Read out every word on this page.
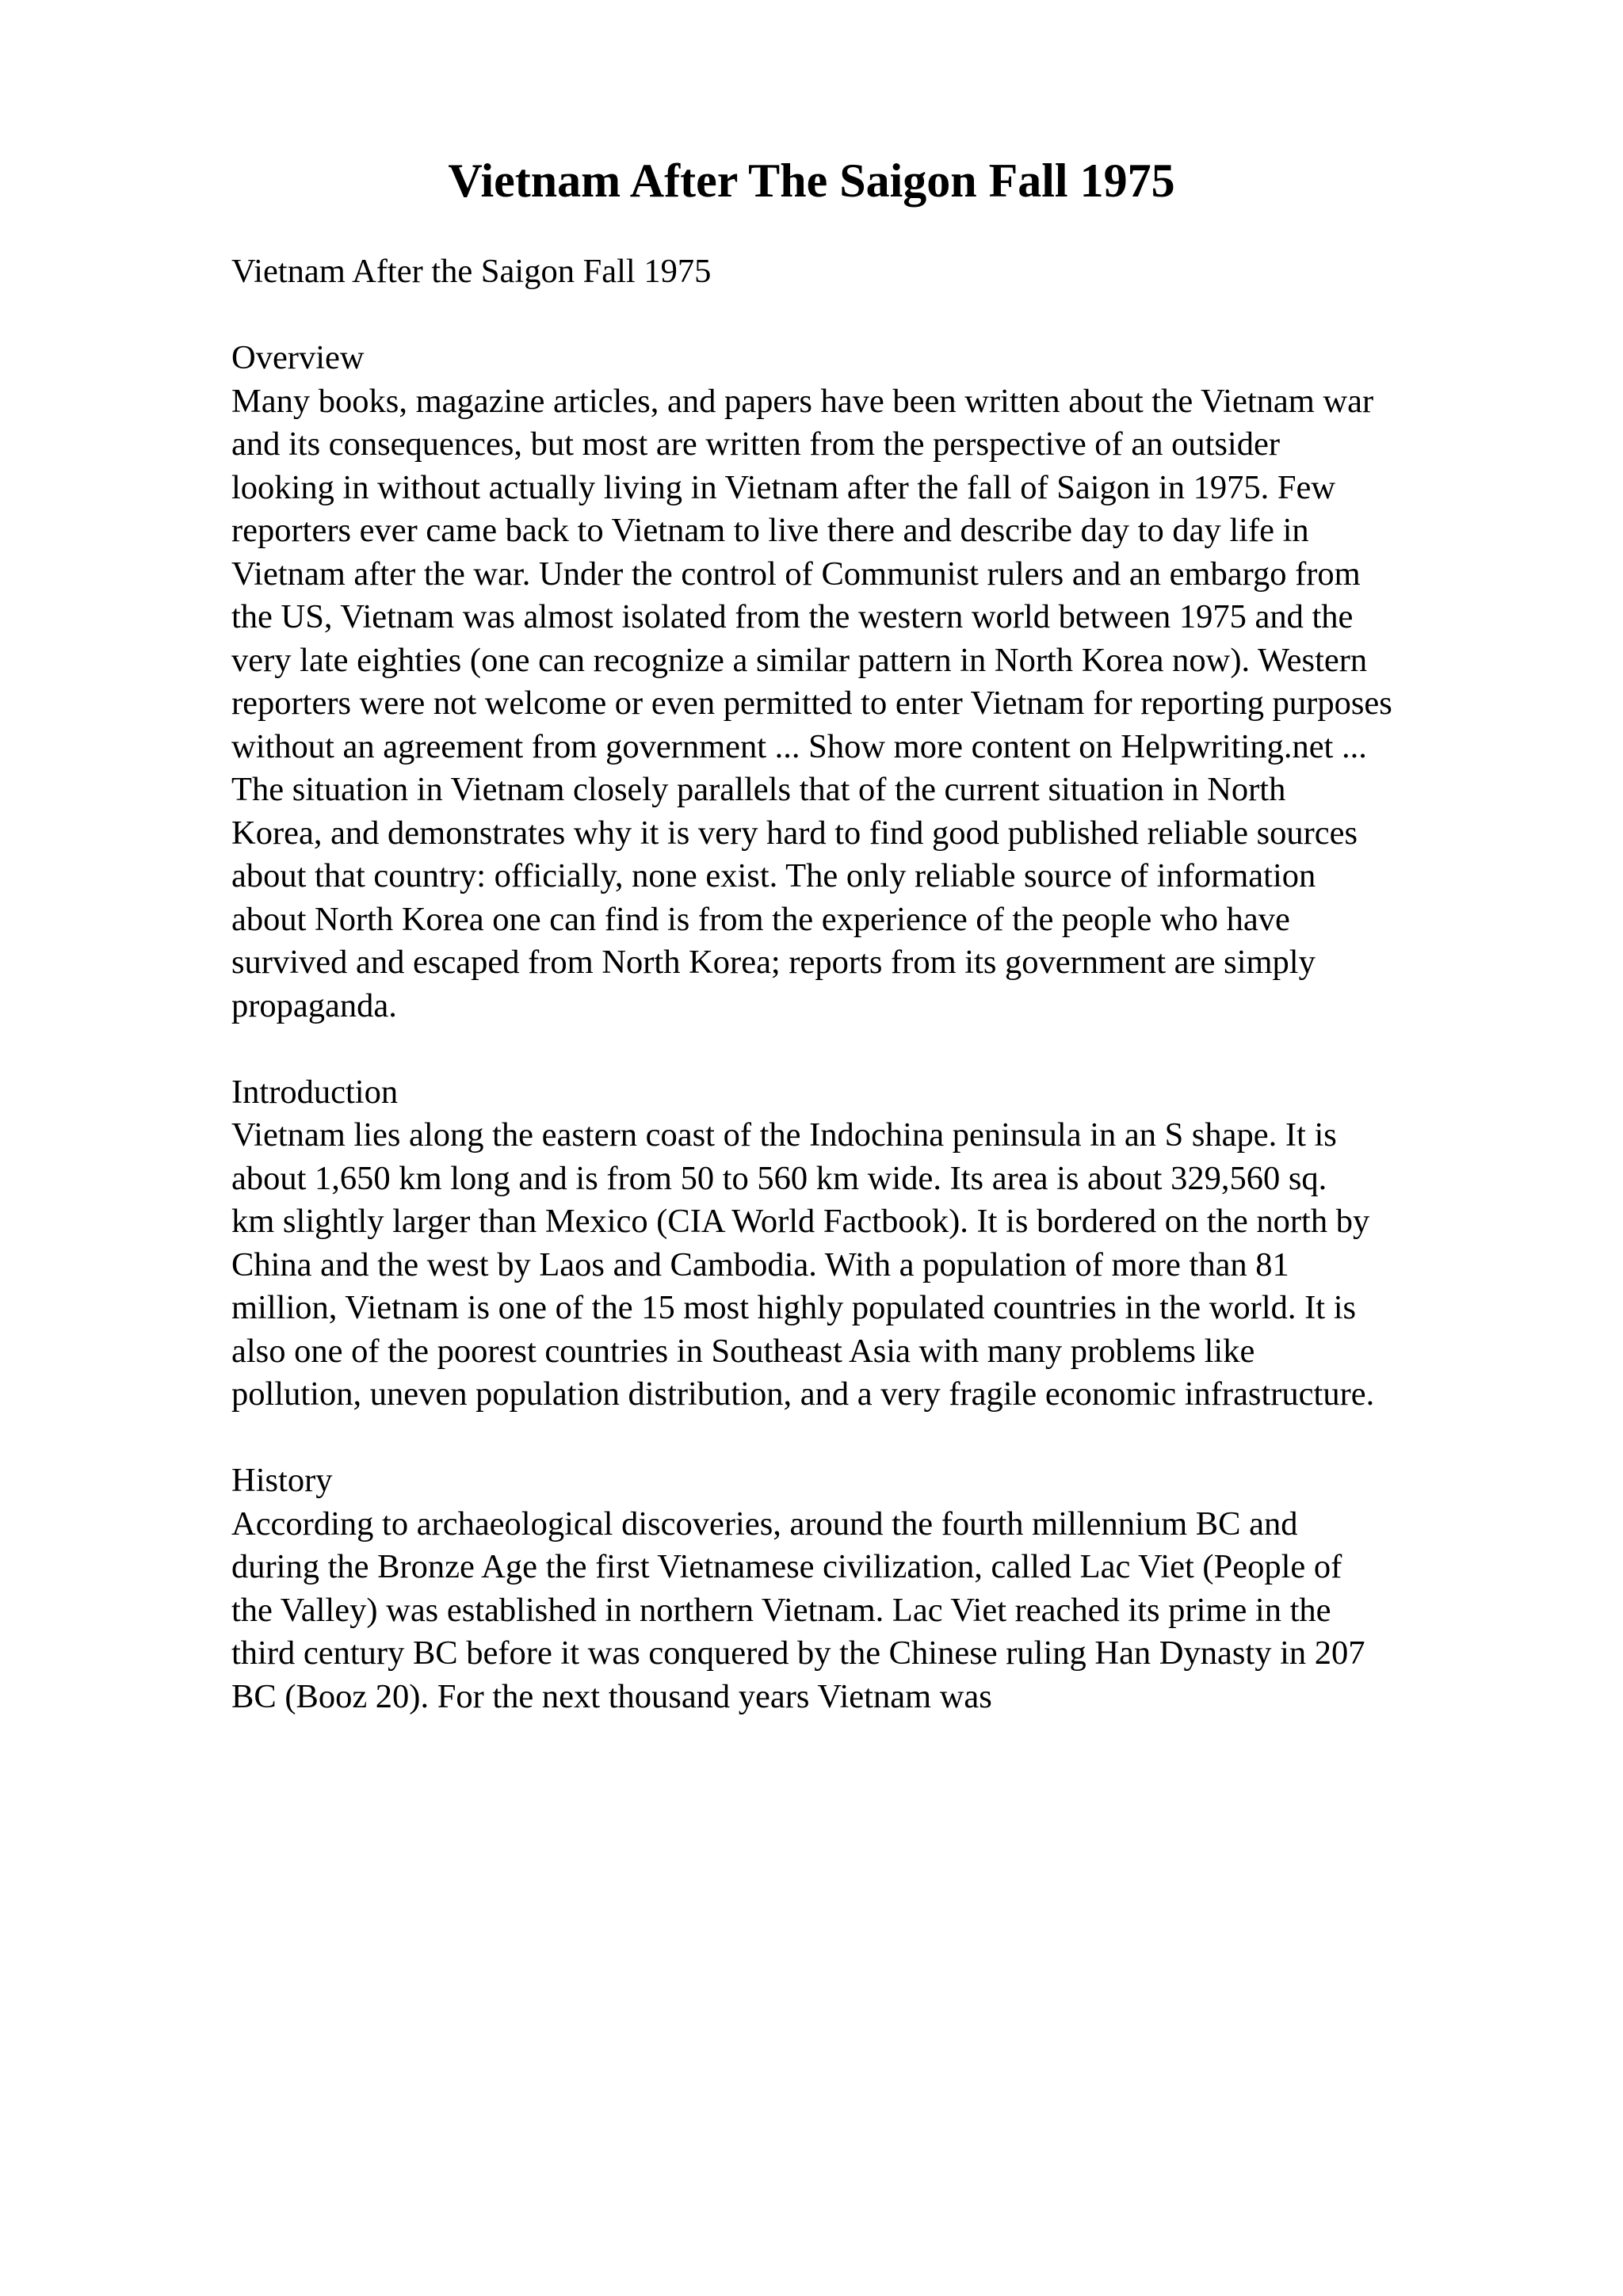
Vietnam After The Saigon Fall 1975

Vietnam After the Saigon Fall 1975

Overview

Many books, magazine articles, and papers have been written about the Vietnam war
and its consequences, but most are written from the perspective of an outsider
looking in without actually living in Vietnam after the fall of Saigon in 1975. Few
reporters ever came back to Vietnam to live there and describe day to day life in
Vietnam after the war. Under the control of Communist rulers and an embargo from
the US, Vietnam was almost isolated from the western world between 1975 and the
very late eighties (one can recognize a similar pattern in North Korea now). Western
reporters were not welcome or even permitted to enter Vietnam for reporting purposes
without an agreement from government ... Show more content on Helpwriting.net ...
The situation in Vietnam closely parallels that of the current situation in North
Korea, and demonstrates why it is very hard to find good published reliable sources
about that country: officially, none exist. The only reliable source of information
about North Korea one can find is from the experience of the people who have
survived and escaped from North Korea; reports from its government are simply
propaganda.

Introduction

Vietnam lies along the eastern coast of the Indochina peninsula in an S shape. It is
about 1,650 km long and is from 50 to 560 km wide. Its area is about 329,560 sq.
km slightly larger than Mexico (CIA World Factbook). It is bordered on the north by
China and the west by Laos and Cambodia. With a population of more than 81
million, Vietnam is one of the 15 most highly populated countries in the world. It is
also one of the poorest countries in Southeast Asia with many problems like
pollution, uneven population distribution, and a very fragile economic infrastructure.

History

According to archaeological discoveries, around the fourth millennium BC and
during the Bronze Age the first Vietnamese civilization, called Lac Viet (People of
the Valley) was established in northern Vietnam. Lac Viet reached its prime in the
third century BC before it was conquered by the Chinese ruling Han Dynasty in 207
BC (Booz 20). For the next thousand years Vietnam was
